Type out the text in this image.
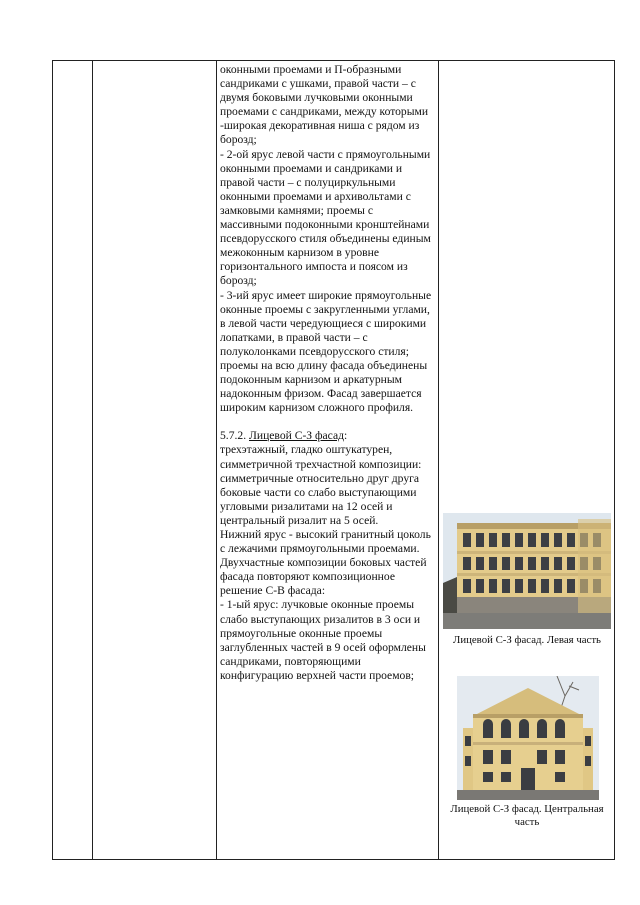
оконными проемами и П-образными сандриками с ушками, правой части – с двумя боковыми лучковыми оконными проемами с сандриками, между которыми -широкая декоративная ниша с рядом из борозд;

- 2-ой ярус левой части с прямоугольными оконными проемами и сандриками и правой части – с полуциркульными оконными проемами и архивольтами с замковыми камнями; проемы с массивными подоконными кронштейнами псевдорусского стиля объединены единым межоконным карнизом в уровне горизонтального импоста и поясом из борозд;

- 3-ий ярус имеет широкие прямоугольные оконные проемы с закругленными углами, в левой части чередующиеся с широкими лопатками, в правой части – с полуколонками псевдорусского стиля; проемы на всю длину фасада объединены подоконным карнизом и аркатурным надоконным фризом. Фасад завершается широким карнизом сложного профиля.

5.7.2. Лицевой С-З фасад:

трехэтажный, гладко оштукатурен, симметричной трехчастной композиции: симметричные относительно друг друга боковые части со слабо выступающими угловыми ризалитами на 12 осей и центральный ризалит на 5 осей.

Нижний ярус - высокий гранитный цоколь с лежачими прямоугольными проемами.

Двухчастные композиции боковых частей фасада повторяют композиционное решение С-В фасада:

- 1-ый ярус: лучковые оконные проемы слабо выступающих ризалитов в 3 оси и прямоугольные оконные проемы заглубленных частей в 9 осей оформлены сандриками, повторяющими конфигурацию верхней части проемов;

Лицевой С-З фасад. Левая часть
Лицевой С-З фасад. Центральная часть
